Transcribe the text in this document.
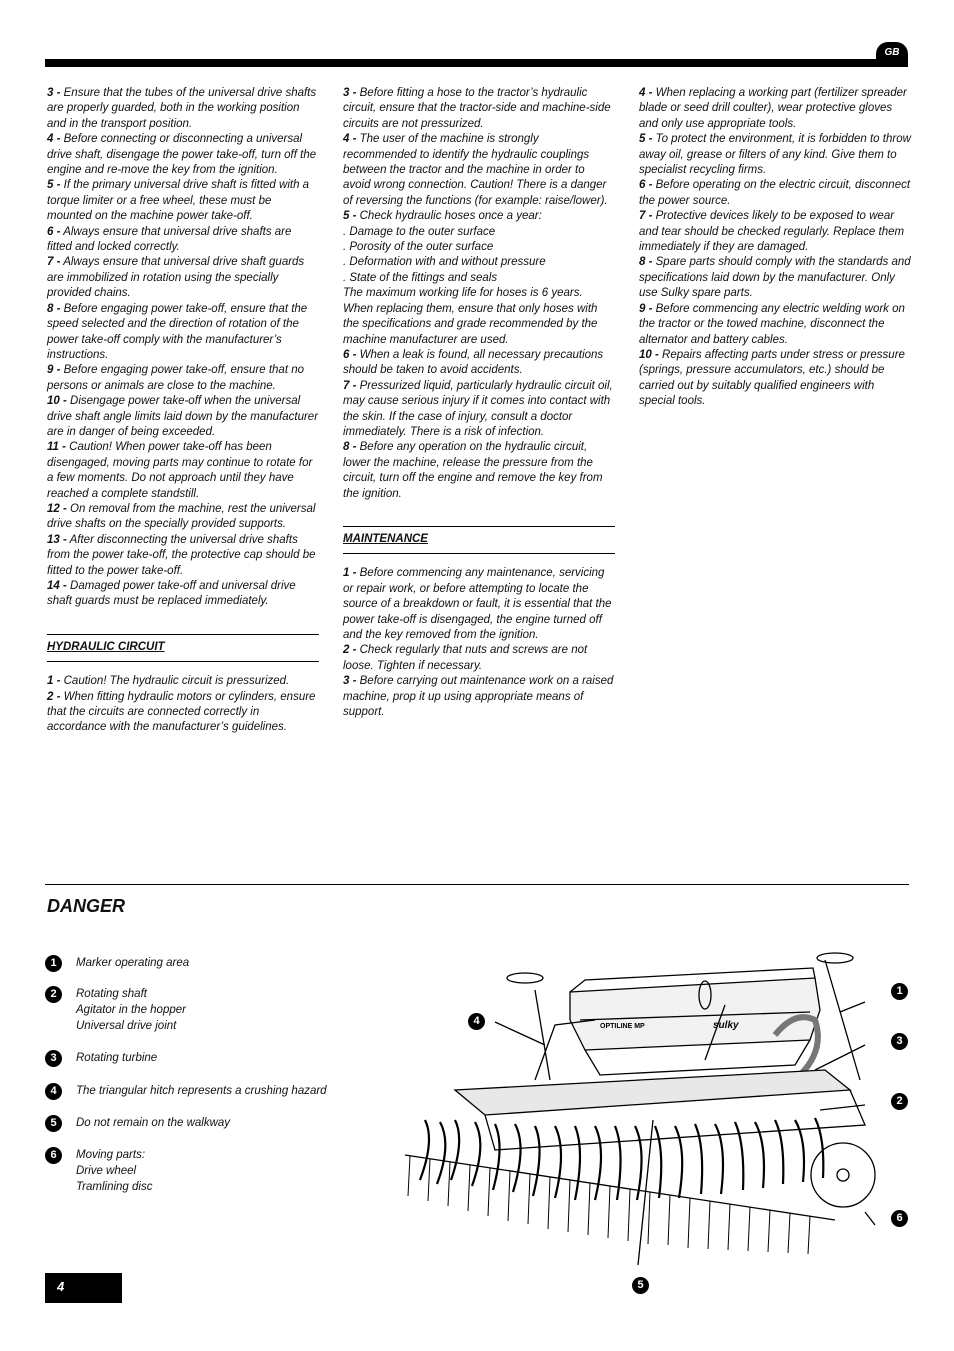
GB

3 - Ensure that the tubes of the universal drive shafts are properly guarded, both in the working position and in the transport position.

4 - Before connecting or disconnecting a universal drive shaft, disengage the power take-off, turn off the engine and re-move the key from the ignition.

5 - If the primary universal drive shaft is fitted with a torque limiter or a free wheel, these must be mounted on the machine power take-off.

6 - Always ensure that universal drive shafts are fitted and locked correctly.

7 - Always ensure that universal drive shaft guards are immobilized in rotation using the specially provided chains.

8 - Before engaging power take-off, ensure that the speed selected and the direction of rotation of the power take-off comply with the manufacturer’s instructions.

9 - Before engaging power take-off, ensure that no persons or animals are close to the machine.

10 - Disengage power take-off when the universal drive shaft angle limits laid down by the manufacturer are in danger of being exceeded.

11 - Caution! When power take-off has been disengaged, moving parts may continue to rotate for a few moments. Do not approach until they have reached a complete standstill.

12 - On removal from the machine, rest the universal drive shafts on the specially provided supports.

13 - After disconnecting the universal drive shafts from the power take-off, the protective cap should be fitted to the power take-off.

14 - Damaged power take-off and universal drive shaft guards must be replaced immediately.

HYDRAULIC CIRCUIT

1 - Caution! The hydraulic circuit is pressurized.

2 - When fitting hydraulic motors or cylinders, ensure that the circuits are connected correctly in accordance with the manufacturer’s guidelines.

3 - Before fitting a hose to the tractor’s hydraulic circuit, ensure that the tractor-side and machine-side circuits are not pressurized.

4 - The user of the machine is strongly recommended to identify the hydraulic couplings between the tractor and the machine in order to avoid wrong connection. Caution! There is a danger of reversing the functions (for example: raise/lower).

5 - Check hydraulic hoses once a year:

. Damage to the outer surface

. Porosity of the outer surface

. Deformation with and without pressure

. State of the fittings and seals

The maximum working life for hoses is 6 years. When replacing them, ensure that only hoses with the specifications and grade recommended by the machine manufacturer are used.

6 - When a leak is found, all necessary precautions should be taken to avoid accidents.

7 - Pressurized liquid, particularly hydraulic circuit oil, may cause serious injury if it comes into contact with the skin. If the case of injury, consult a doctor immediately. There is a risk of infection.

8 - Before any operation on the hydraulic circuit, lower the machine, release the pressure from the circuit, turn off the engine and remove the key from the ignition.

MAINTENANCE

1 - Before commencing any maintenance, servicing or repair work, or before attempting to locate the source of a breakdown or fault, it is essential that the power take-off is disengaged, the engine turned off and the key removed from the ignition.

2 - Check regularly that nuts and screws are not loose. Tighten if necessary.

3 - Before carrying out maintenance work on a raised machine, prop it up using appropriate means of support.

4 - When replacing a working part (fertilizer spreader blade or seed drill coulter), wear protective gloves and only use appropriate tools.

5 - To protect the environment, it is forbidden to throw away oil, grease or filters of any kind. Give them to specialist recycling firms.

6 - Before operating on the electric circuit, disconnect the power source.

7 - Protective devices likely to be exposed to wear and tear should be checked regularly. Replace them immediately if they are damaged.

8 - Spare parts should comply with the standards and specifications laid down by the manufacturer. Only use Sulky spare parts.

9 - Before commencing any electric welding work on the tractor or the towed machine, disconnect the alternator and battery cables.

10 - Repairs affecting parts under stress or pressure (springs, pressure accumulators, etc.) should be carried out by suitably qualified engineers with special tools.

DANGER
1	Marker operating area
2	Rotating shaft
Agitator in the hopper
Universal drive joint
3	Rotating turbine
4	The triangular hitch represents a crushing hazard
5	Do not remain on the walkway
6	Moving parts:
Drive wheel
Tramlining disc
OPTILINE MP	sulky
1
2
3
4
5
6
4
